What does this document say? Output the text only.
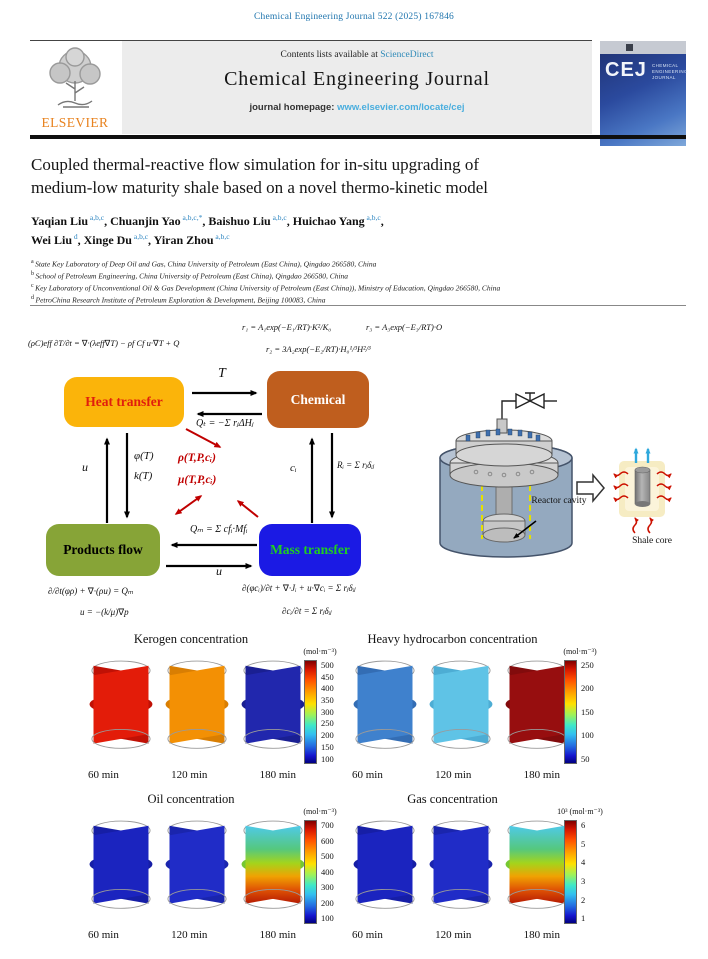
Chemical Engineering Journal 522 (2025) 167846
ELSEVIER
Contents lists available at ScienceDirect
Chemical Engineering Journal
journal homepage: www.elsevier.com/locate/cej
CEJ CHEMICAL
ENGINEERING
JOURNAL
Coupled thermal-reactive flow simulation for in-situ upgrading of
medium-low maturity shale based on a novel thermo-kinetic model
Yaqian Liu $^{a,b,c}$, Chuanjin Yao $^{a,b,c,*}$, Baishuo Liu $^{a,b,c}$, Huichao Yang $^{a,b,c}$,
Wei Liu $^d$, Xinge Du $^{a,b,c}$, Yiran Zhou $^{a,b,c}$
$^a$ State Key Laboratory of Deep Oil and Gas, China University of Petroleum (East China), Qingdao 266580, China
$^b$ School of Petroleum Engineering, China University of Petroleum (East China), Qingdao 266580, China
$^c$ Key Laboratory of Unconventional Oil & Gas Development (China University of Petroleum (East China)), Ministry of Education, Qingdao 266580, China
$^d$ PetroChina Research Institute of Petroleum Exploration & Development, Beijing 100083, China
(ρC)eff ∂T/∂t = ∇·(λeff∇T) − ρf Cf u·∇T + Q
r₁ = A₁exp(−E₁/RT)·K²/K₀	r₃ = A₃exp(−E₃/RT)·O
r₂ = 3A₂exp(−E₂/RT)·H₀¹/³H²/³
Heat transfer	Chemical
Products flow	Mass transfer
T
Qₜ = −Σ rⱼΔHⱼ
u
φ(T)
k(T)
ρ(T,P,cᵢ)
μ(T,P,cᵢ)
cᵢ	Rᵢ = Σ rⱼδᵢⱼ
Qₘ = Σ cfᵢ·Mfᵢ
u
∂/∂t(φρ) + ∇·(ρu) = Qₘ
u = −(k/μ)∇p
∂(φcᵢ)/∂t + ∇·Jᵢ + u·∇cᵢ = Σ rⱼδᵢⱼ
∂cᵢ/∂t = Σ rⱼδᵢⱼ
Reactor cavity
Shale core
Kerogen concentration
(mol·m⁻³)
500
450
400
350
300
250
200
150
100
60 min	120 min	180 min
Heavy hydrocarbon concentration
(mol·m⁻³)
250
200
150
100
50
60 min	120 min	180 min
Oil concentration
(mol·m⁻³)
700
600
500
400
300
200
100
60 min	120 min	180 min
Gas concentration
10³ (mol·m⁻³)
6
5
4
3
2
1
60 min	120 min	180 min
